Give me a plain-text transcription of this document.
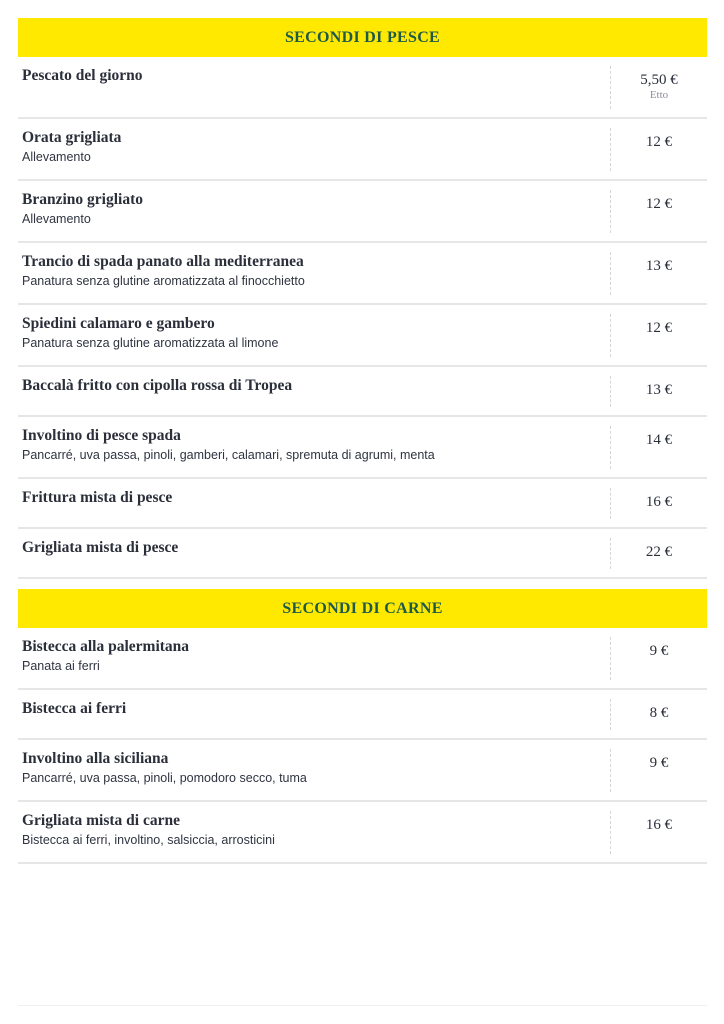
SECONDI DI PESCE
Pescato del giorno	5,50 €
Etto
Orata grigliata
Allevamento
12 €
Branzino grigliato
Allevamento
12 €
Trancio di spada panato alla mediterranea
Panatura senza glutine aromatizzata al finocchietto
13 €
Spiedini calamaro e gambero
Panatura senza glutine aromatizzata al limone
12 €
Baccalà fritto con cipolla rossa di Tropea	13 €
Involtino di pesce spada
Pancarré, uva passa, pinoli, gamberi, calamari, spremuta di agrumi, menta
14 €
Frittura mista di pesce	16 €
Grigliata mista di pesce	22 €
SECONDI DI CARNE
Bistecca alla palermitana
Panata ai ferri
9 €
Bistecca ai ferri	8 €
Involtino alla siciliana
Pancarré, uva passa, pinoli, pomodoro secco, tuma
9 €
Grigliata mista di carne
Bistecca ai ferri, involtino, salsiccia, arrosticini
16 €
